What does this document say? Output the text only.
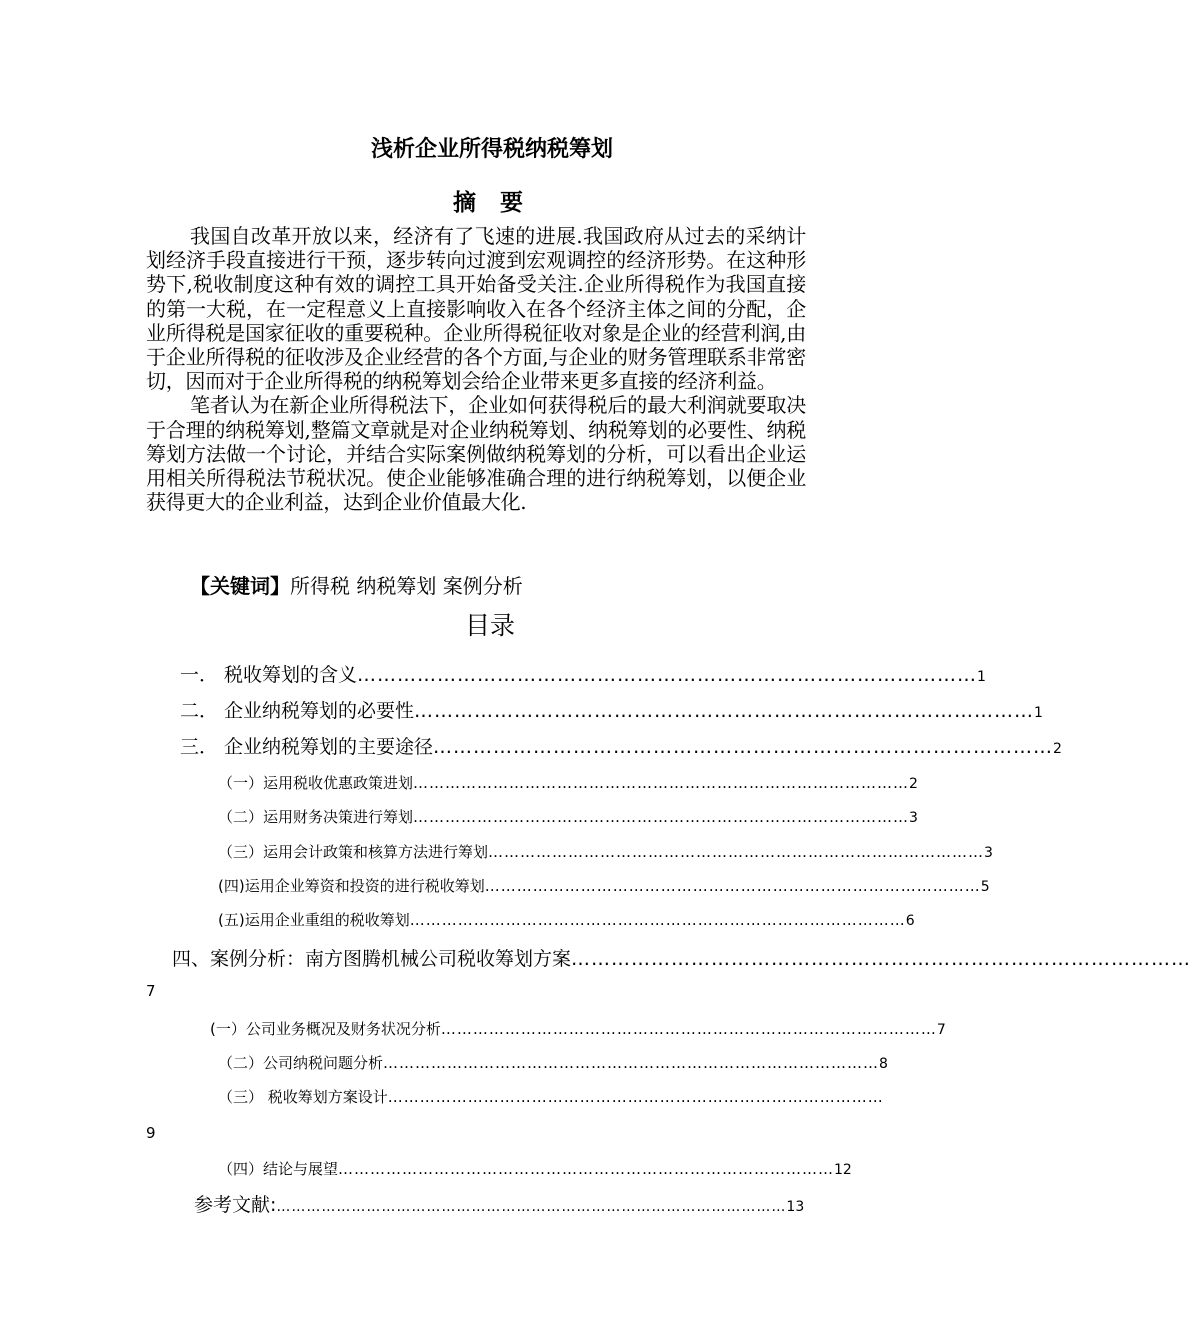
浅析企业所得税纳税筹划
摘 要

我国自改革开放以来，经济有了飞速的进展.我国政府从过去的采纳计划经济手段直接进行干预，逐步转向过渡到宏观调控的经济形势。在这种形势下,税收制度这种有效的调控工具开始备受关注.企业所得税作为我国直接的第一大税，在一定程意义上直接影响收入在各个经济主体之间的分配，企业所得税是国家征收的重要税种。企业所得税征收对象是企业的经营利润,由于企业所得税的征收涉及企业经营的各个方面,与企业的财务管理联系非常密切，因而对于企业所得税的纳税筹划会给企业带来更多直接的经济利益。

笔者认为在新企业所得税法下，企业如何获得税后的最大利润就要取决于合理的纳税筹划,整篇文章就是对企业纳税筹划、纳税筹划的必要性、纳税筹划方法做一个讨论，并结合实际案例做纳税筹划的分析，可以看出企业运用相关所得税法节税状况。使企业能够准确合理的进行纳税筹划，以便企业获得更大的企业利益，达到企业价值最大化.

【关键词】所得税 纳税筹划 案例分析
目录
一． 税收筹划的含义 ………………………………………………………………………………… 1
二． 企业纳税筹划的必要性 ………………………………………………………………………………… 1
三． 企业纳税筹划的主要途径 ………………………………………………………………………………… 2
（一）运用税收优惠政策进划 ………………………………………………………………………………… 2
（二）运用财务决策进行筹划 ………………………………………………………………………………… 3
（三）运用会计政策和核算方法进行筹划 ………………………………………………………………………………… 3
(四)运用企业筹资和投资的进行税收筹划 ………………………………………………………………………………… 5
(五)运用企业重组的税收筹划 ………………………………………………………………………………… 6
四、案例分析：南方图腾机械公司税收筹划方案 …………………………………………………………………………………
7
(一）公司业务概况及财务状况分析 ………………………………………………………………………………… 7
（二）公司纳税问题分析 ………………………………………………………………………………… 8
（三） 税收筹划方案设计 …………………………………………………………………………………
9
（四）结论与展望 ………………………………………………………………………………… 12
参考文献: ………………………………………………………………………………………… 13
